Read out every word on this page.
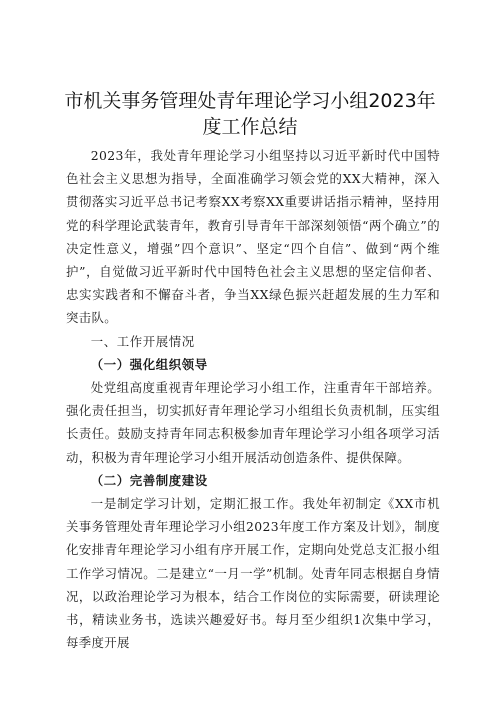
市机关事务管理处青年理论学习小组2023年
度工作总结

2023年，我处青年理论学习小组坚持以习近平新时代中国特色社会主义思想为指导，全面准确学习领会党的XX大精神，深入贯彻落实习近平总书记考察XX考察XX重要讲话指示精神，坚持用党的科学理论武装青年，教育引导青年干部深刻领悟“两个确立”的决定性意义，增强”四个意识”、坚定“四个自信”、做到“两个维护”，自觉做习近平新时代中国特色社会主义思想的坚定信仰者、忠实实践者和不懈奋斗者，争当XX绿色振兴赶超发展的生力军和突击队。

一、工作开展情况

（一）强化组织领导

处党组高度重视青年理论学习小组工作，注重青年干部培养。强化责任担当，切实抓好青年理论学习小组组长负责机制，压实组长责任。鼓励支持青年同志积极参加青年理论学习小组各项学习活动，积极为青年理论学习小组开展活动创造条件、提供保障。

（二）完善制度建设

一是制定学习计划，定期汇报工作。我处年初制定《XX市机关事务管理处青年理论学习小组2023年度工作方案及计划》，制度化安排青年理论学习小组有序开展工作，定期向处党总支汇报小组工作学习情况。二是建立“一月一学”机制。处青年同志根据自身情况，以政治理论学习为根本，结合工作岗位的实际需要，研读理论书，精读业务书，选读兴趣爱好书。每月至少组织1次集中学习，每季度开展
